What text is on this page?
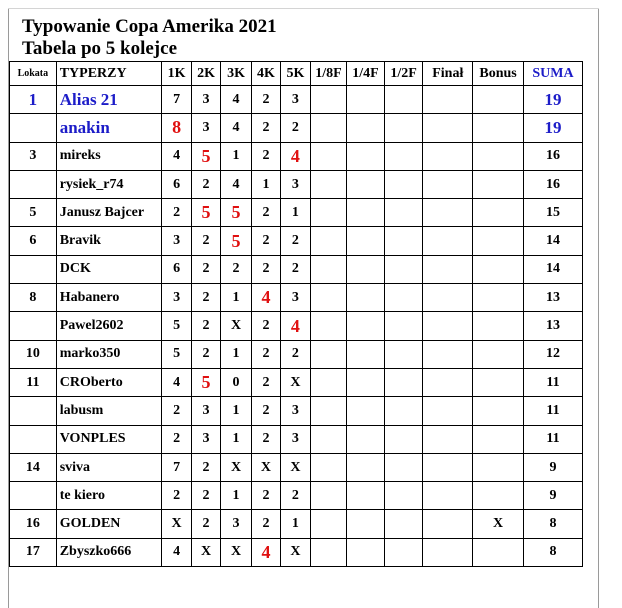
Typowanie Copa Amerika 2021
Tabela po 5 kolejce
Lokata	TYPERZY	1K	2K	3K	4K	5K	1/8F	1/4F	1/2F	Finał	Bonus	SUMA
1	Alias 21	7	3	4	2	3						19
	anakin	8	3	4	2	2						19
3	mireks	4	5	1	2	4						16
	rysiek_r74	6	2	4	1	3						16
5	Janusz Bajcer	2	5	5	2	1						15
6	Bravik	3	2	5	2	2						14
	DCK	6	2	2	2	2						14
8	Habanero	3	2	1	4	3						13
	Pawel2602	5	2	X	2	4						13
10	marko350	5	2	1	2	2						12
11	CROberto	4	5	0	2	X						11
	labusm	2	3	1	2	3						11
	VONPLES	2	3	1	2	3						11
14	sviva	7	2	X	X	X						9
	te kiero	2	2	1	2	2						9
16	GOLDEN	X	2	3	2	1					X	8
17	Zbyszko666	4	X	X	4	X						8
